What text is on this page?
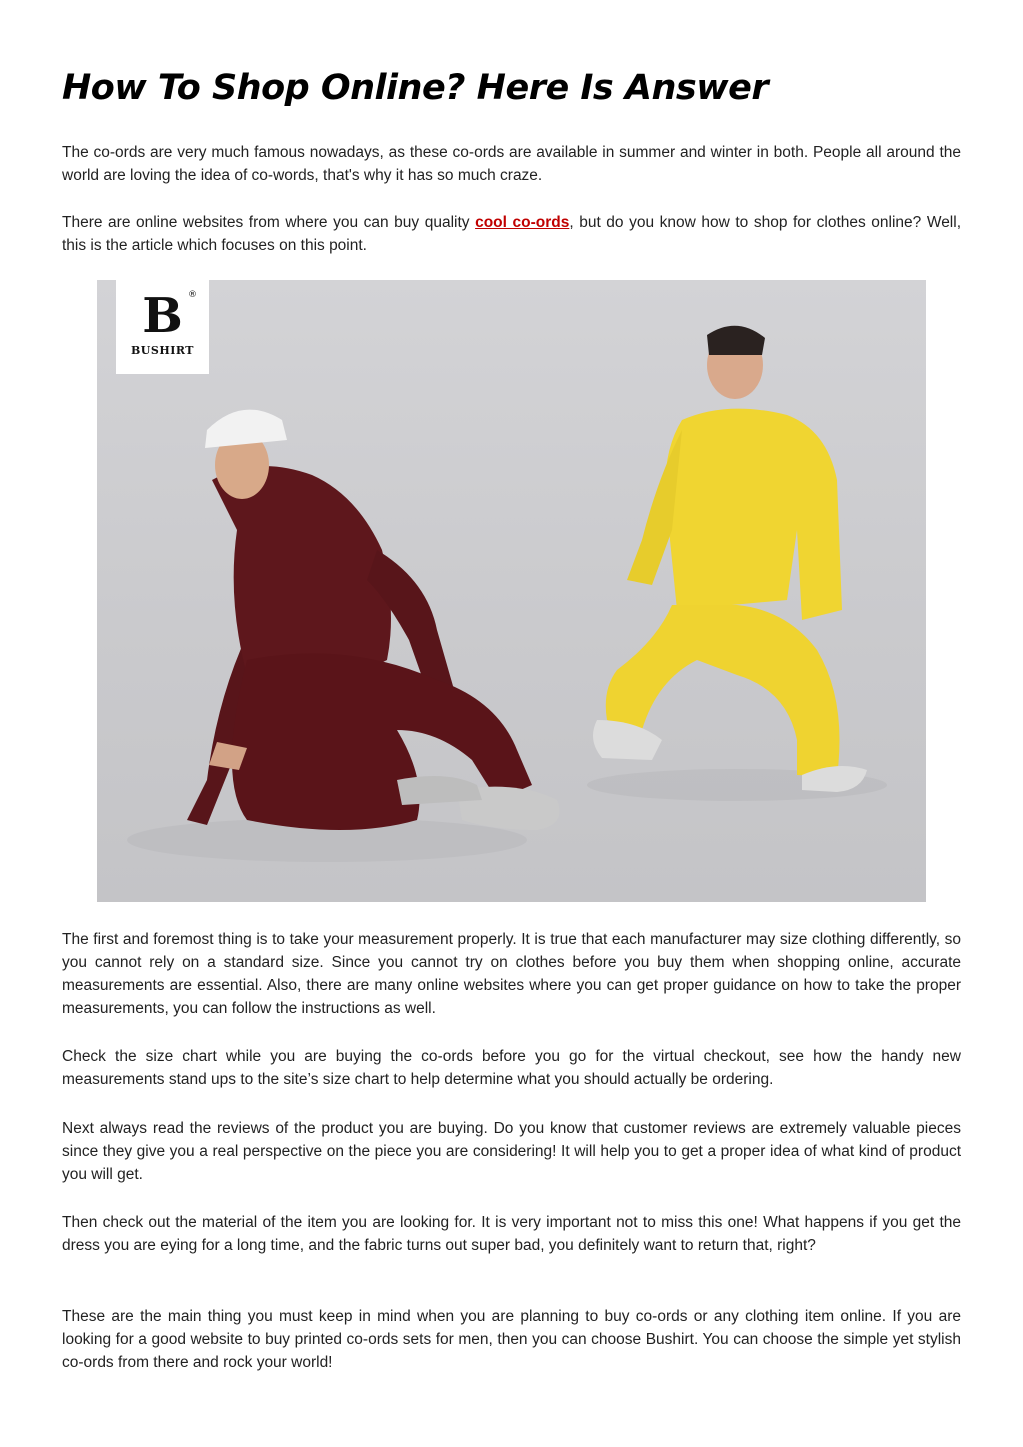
How To Shop Online? Here Is Answer

The co-ords are very much famous nowadays, as these co-ords are available in summer and winter in both. People all around the world are loving the idea of co-words, that's why it has so much craze.

There are online websites from where you can buy quality cool co-ords, but do you know how to shop for clothes online? Well, this is the article which focuses on this point.

B ®
BUSHIRT

The first and foremost thing is to take your measurement properly. It is true that each manufacturer may size clothing differently, so you cannot rely on a standard size. Since you cannot try on clothes before you buy them when shopping online, accurate measurements are essential. Also, there are many online websites where you can get proper guidance on how to take the proper measurements, you can follow the instructions as well.

Check the size chart while you are buying the co-ords before you go for the virtual checkout, see how the handy new measurements stand ups to the site’s size chart to help determine what you should actually be ordering.

Next always read the reviews of the product you are buying. Do you know that customer reviews are extremely valuable pieces since they give you a real perspective on the piece you are considering! It will help you to get a proper idea of what kind of product you will get.

Then check out the material of the item you are looking for. It is very important not to miss this one! What happens if you get the dress you are eying for a long time, and the fabric turns out super bad, you definitely want to return that, right?

These are the main thing you must keep in mind when you are planning to buy co-ords or any clothing item online. If you are looking for a good website to buy printed co-ords sets for men, then you can choose Bushirt. You can choose the simple yet stylish co-ords from there and rock your world!
